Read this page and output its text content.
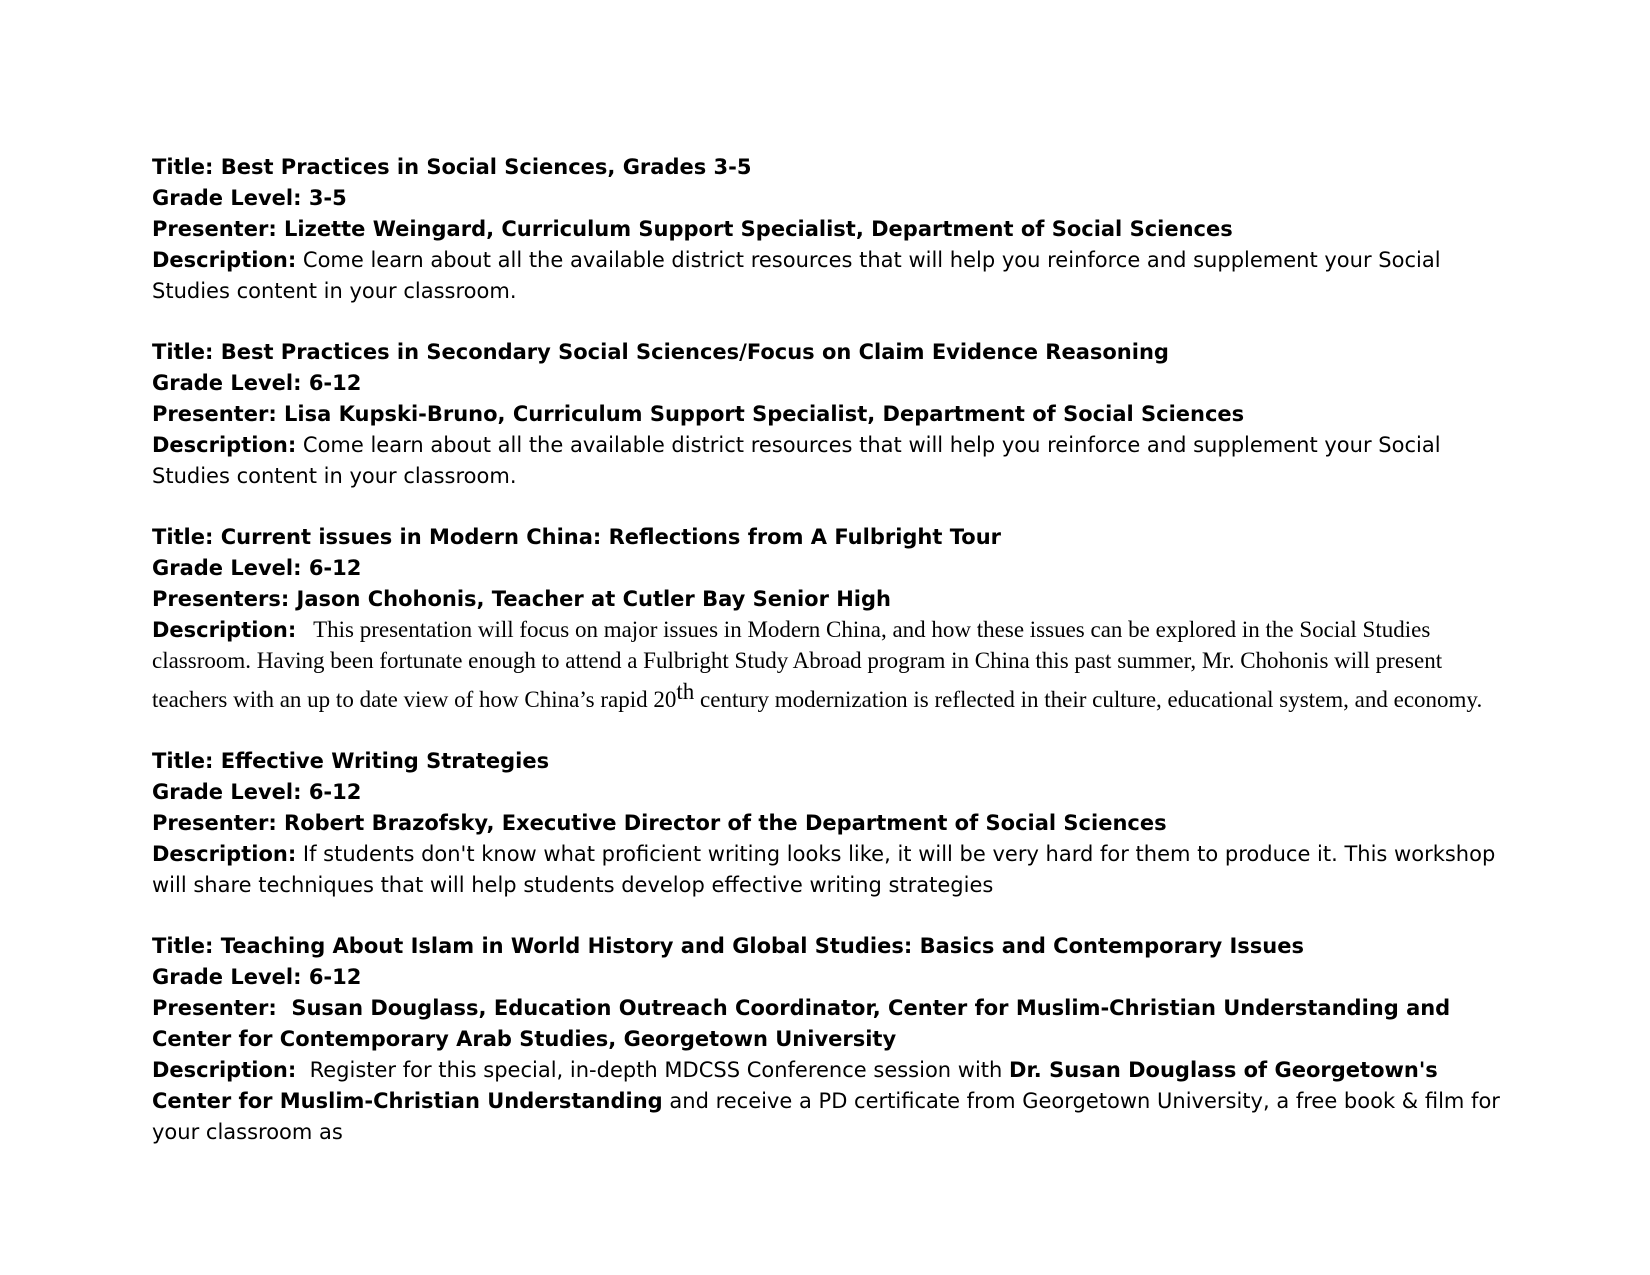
Title: Best Practices in Social Sciences, Grades 3-5
Grade Level: 3-5
Presenter: Lizette Weingard, Curriculum Support Specialist, Department of Social Sciences
Description: Come learn about all the available district resources that will help you reinforce and supplement your Social Studies content in your classroom.
Title: Best Practices in Secondary Social Sciences/Focus on Claim Evidence Reasoning
Grade Level: 6-12
Presenter: Lisa Kupski-Bruno, Curriculum Support Specialist, Department of Social Sciences
Description: Come learn about all the available district resources that will help you reinforce and supplement your Social Studies content in your classroom.
Title: Current issues in Modern China: Reflections from A Fulbright Tour
Grade Level: 6-12
Presenters: Jason Chohonis, Teacher at Cutler Bay Senior High
Description:   This presentation will focus on major issues in Modern China, and how these issues can be explored in the Social Studies classroom. Having been fortunate enough to attend a Fulbright Study Abroad program in China this past summer, Mr. Chohonis will present teachers with an up to date view of how China’s rapid 20th century modernization is reflected in their culture, educational system, and economy.
Title: Effective Writing Strategies
Grade Level: 6-12
Presenter: Robert Brazofsky, Executive Director of the Department of Social Sciences
Description: If students don't know what proficient writing looks like, it will be very hard for them to produce it. This workshop will share techniques that will help students develop effective writing strategies
Title: Teaching About Islam in World History and Global Studies: Basics and Contemporary Issues
Grade Level: 6-12
Presenter:  Susan Douglass, Education Outreach Coordinator, Center for Muslim-Christian Understanding and Center for Contemporary Arab Studies, Georgetown University
Description:  Register for this special, in-depth MDCSS Conference session with Dr. Susan Douglass of Georgetown's Center for Muslim-Christian Understanding and receive a PD certificate from Georgetown University, a free book & film for your classroom as
